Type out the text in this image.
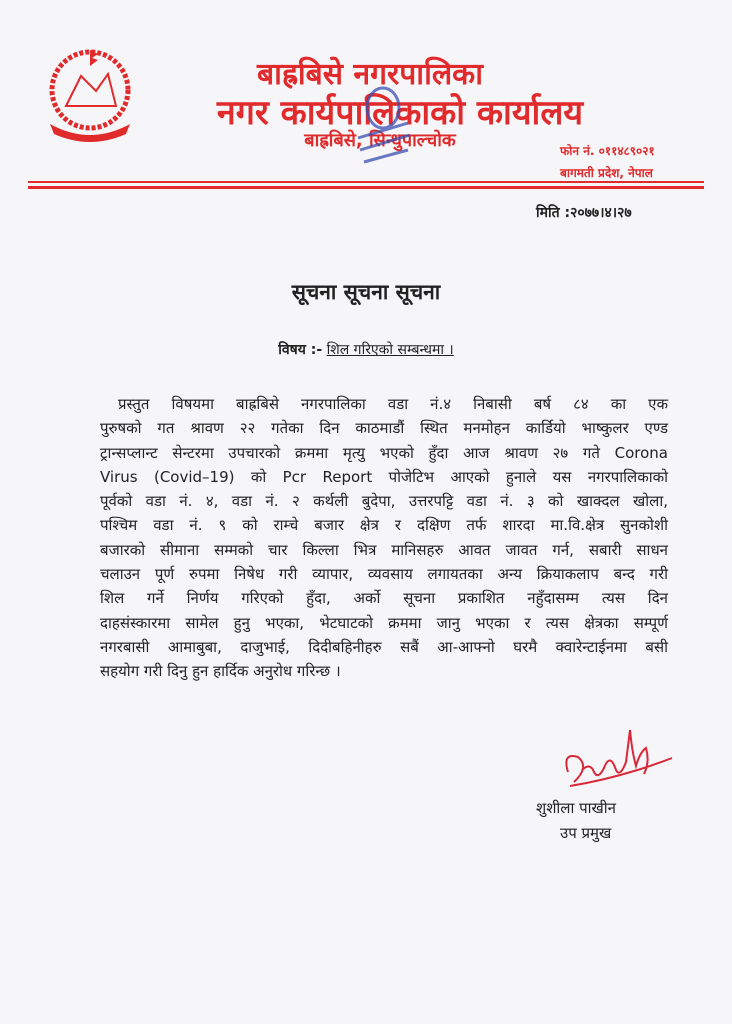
बाह्रबिसे नगरपालिका
नगर कार्यपालिकाको कार्यालय
बाह्रबिसे, सिन्धुपाल्चोक	फोन नं. ०११४८९०२१
बागमती प्रदेश, नेपाल
मिति :२०७७।४।२७
सूचना सूचना सूचना
विषय :- शिल गरिएको सम्बन्धमा ।
प्रस्तुत विषयमा बाह्रबिसे नगरपालिका वडा नं.४ निबासी बर्ष ८४ का एक
पुरुषको गत श्रावण २२ गतेका दिन काठमाडौं स्थित मनमोहन कार्डियो भाष्कुलर एण्ड
ट्रान्सप्लान्ट सेन्टरमा उपचारको क्रममा मृत्यु भएको हुँदा आज श्रावण २७ गते Corona
Virus (Covid–19) को Pcr Report पोजेटिभ आएको हुनाले यस नगरपालिकाको
पूर्वको वडा नं. ४, वडा नं. २ कर्थली बुदेपा, उत्तरपट्टि वडा नं. ३ को खाक्दल खोला,
पश्चिम वडा नं. ९ को राम्चे बजार क्षेत्र र दक्षिण तर्फ शारदा मा.वि.क्षेत्र सुनकोशी
बजारको सीमाना सम्मको चार किल्ला भित्र मानिसहरु आवत जावत गर्न, सबारी साधन
चलाउन पूर्ण रुपमा निषेध गरी व्यापार, व्यवसाय लगायतका अन्य क्रियाकलाप बन्द गरी
शिल गर्ने निर्णय गरिएको हुँदा, अर्को सूचना प्रकाशित नहुँदासम्म त्यस दिन
दाहसंस्कारमा सामेल हुनु भएका, भेटघाटको क्रममा जानु भएका र त्यस क्षेत्रका सम्पूर्ण
नगरबासी आमाबुबा, दाजुभाई, दिदीबहिनीहरु सबैं आ-आफ्नो घरमै क्वारेन्टाईनमा बसी
सहयोग गरी दिनु हुन हार्दिक अनुरोध गरिन्छ ।
शुशीला पाखीन
उप प्रमुख
